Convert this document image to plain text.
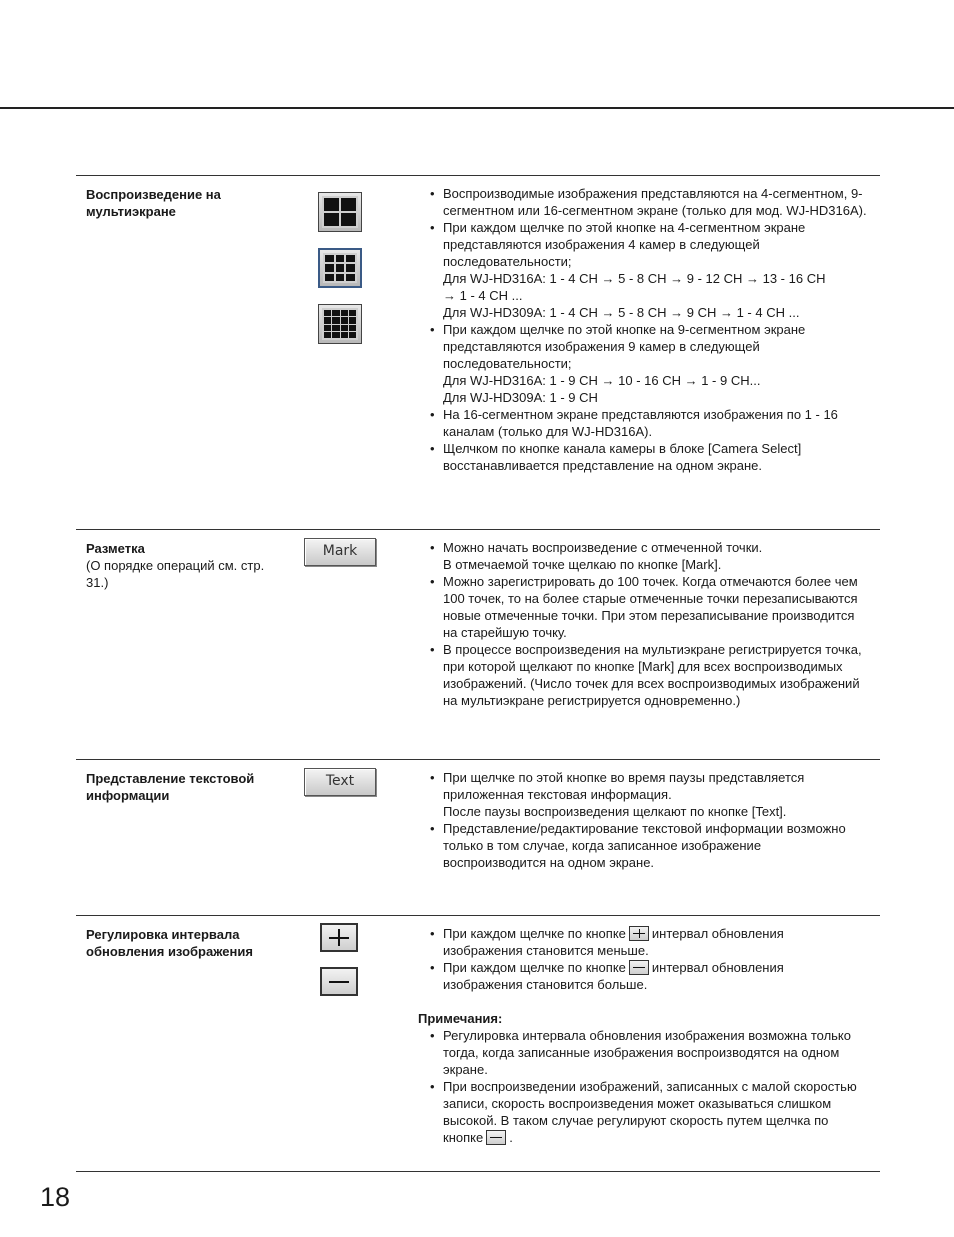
Воспроизведение на мультиэкране
• Воспроизводимые изображения представляются на 4-сегментном, 9-
сегментном или 16-сегментном экране (только для мод. WJ-HD316A).
• При каждом щелчке по этой кнопке на 4-сегментном экране
представляются изображения 4 камер в следующей
последовательности;
Для WJ-HD316A: 1 - 4 CH → 5 - 8 CH → 9 - 12 CH → 13 - 16 CH
→ 1 - 4 CH ...
Для WJ-HD309A: 1 - 4 CH → 5 - 8 CH → 9 CH → 1 - 4 CH ...
• При каждом щелчке по этой кнопке на 9-сегментном экране
представляются изображения 9 камер в следующей
последовательности;
Для WJ-HD316A: 1 - 9 CH → 10 - 16 CH → 1 - 9 CH...
Для WJ-HD309A: 1 - 9 CH
• На 16-сегментном экране представляются изображения по 1 - 16
каналам (только для WJ-HD316A).
• Щелчком по кнопке канала камеры в блоке [Camera Select]
восстанавливается представление на одном экране.
Разметка
(О порядке операций см. стр.
31.)
Mark	• Можно начать воспроизведение с отмеченной точки.
В отмечаемой точке щелкаю по кнопке [Mark].
• Можно зарегистрировать до 100 точек. Когда отмечаются более чем
100 точек, то на более старые отмеченные точки перезаписываются
новые отмеченные точки. При этом перезаписывание производится
на старейшую точку.
• В процессе воспроизведения на мультиэкране регистрируется точка,
при которой щелкают по кнопке [Mark] для всех воспроизводимых
изображений. (Число точек для всех воспроизводимых изображений
на мультиэкране регистрируется одновременно.)
Представление текстовой
информации
Text	• При щелчке по этой кнопке во время паузы представляется
приложенная текстовая информация.
После паузы воспроизведения щелкают по кнопке [Text].
• Представление/редактирование текстовой информации возможно
только в том случае, когда записанное изображение
воспроизводится на одном экране.
Регулировка интервала
обновления изображения
• При каждом щелчке по кнопке интервал обновления
изображения становится меньше.
• При каждом щелчке по кнопке интервал обновления
изображения становится больше.
Примечания:
• Регулировка интервала обновления изображения возможна только
тогда, когда записанные изображения воспроизводятся на одном
экране.
• При воспроизведении изображений, записанных с малой скоростью
записи, скорость воспроизведения может оказываться слишком
высокой. В таком случае регулируют скорость путем щелчка по
кнопке .
18
